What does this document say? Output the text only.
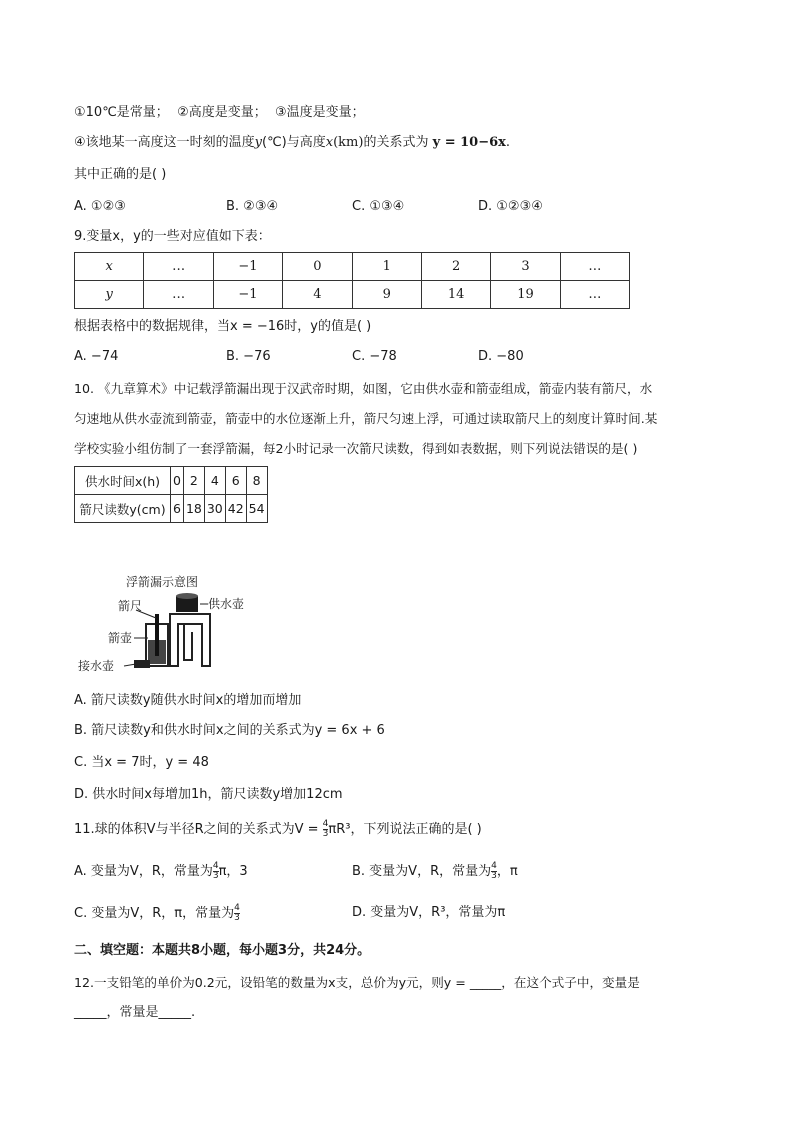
①10℃是常量； ②高度是变量； ③温度是变量；
④该地某一高度这一时刻的温度y(℃)与高度x(km)的关系式为 y = 10−6x.
其中正确的是( )
A. ①②③	B. ②③④	C. ①③④	D. ①②③④
9.变量x，y的一些对应值如下表：
x	…	−1	0	1	2	3	…
y	…	−1	4	9	14	19	…
根据表格中的数据规律，当x = −16时，y的值是( )
A. −74	B. −76	C. −78	D. −80
10. 《九章算术》中记载浮箭漏出现于汉武帝时期，如图，它由供水壶和箭壶组成，箭壶内装有箭尺，水
匀速地从供水壶流到箭壶，箭壶中的水位逐渐上升，箭尺匀速上浮，可通过读取箭尺上的刻度计算时间.某
学校实验小组仿制了一套浮箭漏，每2小时记录一次箭尺读数，得到如表数据，则下列说法错误的是( )
供水时间x(h)	0	2	4	6	8
箭尺读数y(cm)	6	18	30	42	54
浮箭漏示意图
供水壶
箭尺
箭壶
接水壶
A. 箭尺读数y随供水时间x的增加而增加
B. 箭尺读数y和供水时间x之间的关系式为y = 6x + 6
C. 当x = 7时，y = 48
D. 供水时间x每增加1h，箭尺读数y增加12cm
11.球的体积V与半径R之间的关系式为$V = \frac{4}{3} \pi R^3$，下列说法正确的是( )
A. 变量为V，R，常量为 $\frac{4}{3}$ π，3	B. 变量为V，R，常量为 $\frac{4}{3}$ ，π
C. 变量为V，R，π，常量为 $\frac{4}{3}$	D. 变量为V，R³，常量为π
二、填空题：本题共8小题，每小题3分，共24分。
12.一支铅笔的单价为0.2元，设铅笔的数量为x支，总价为y元，则y = _____，在这个式子中，变量是
_____，常量是_____.
